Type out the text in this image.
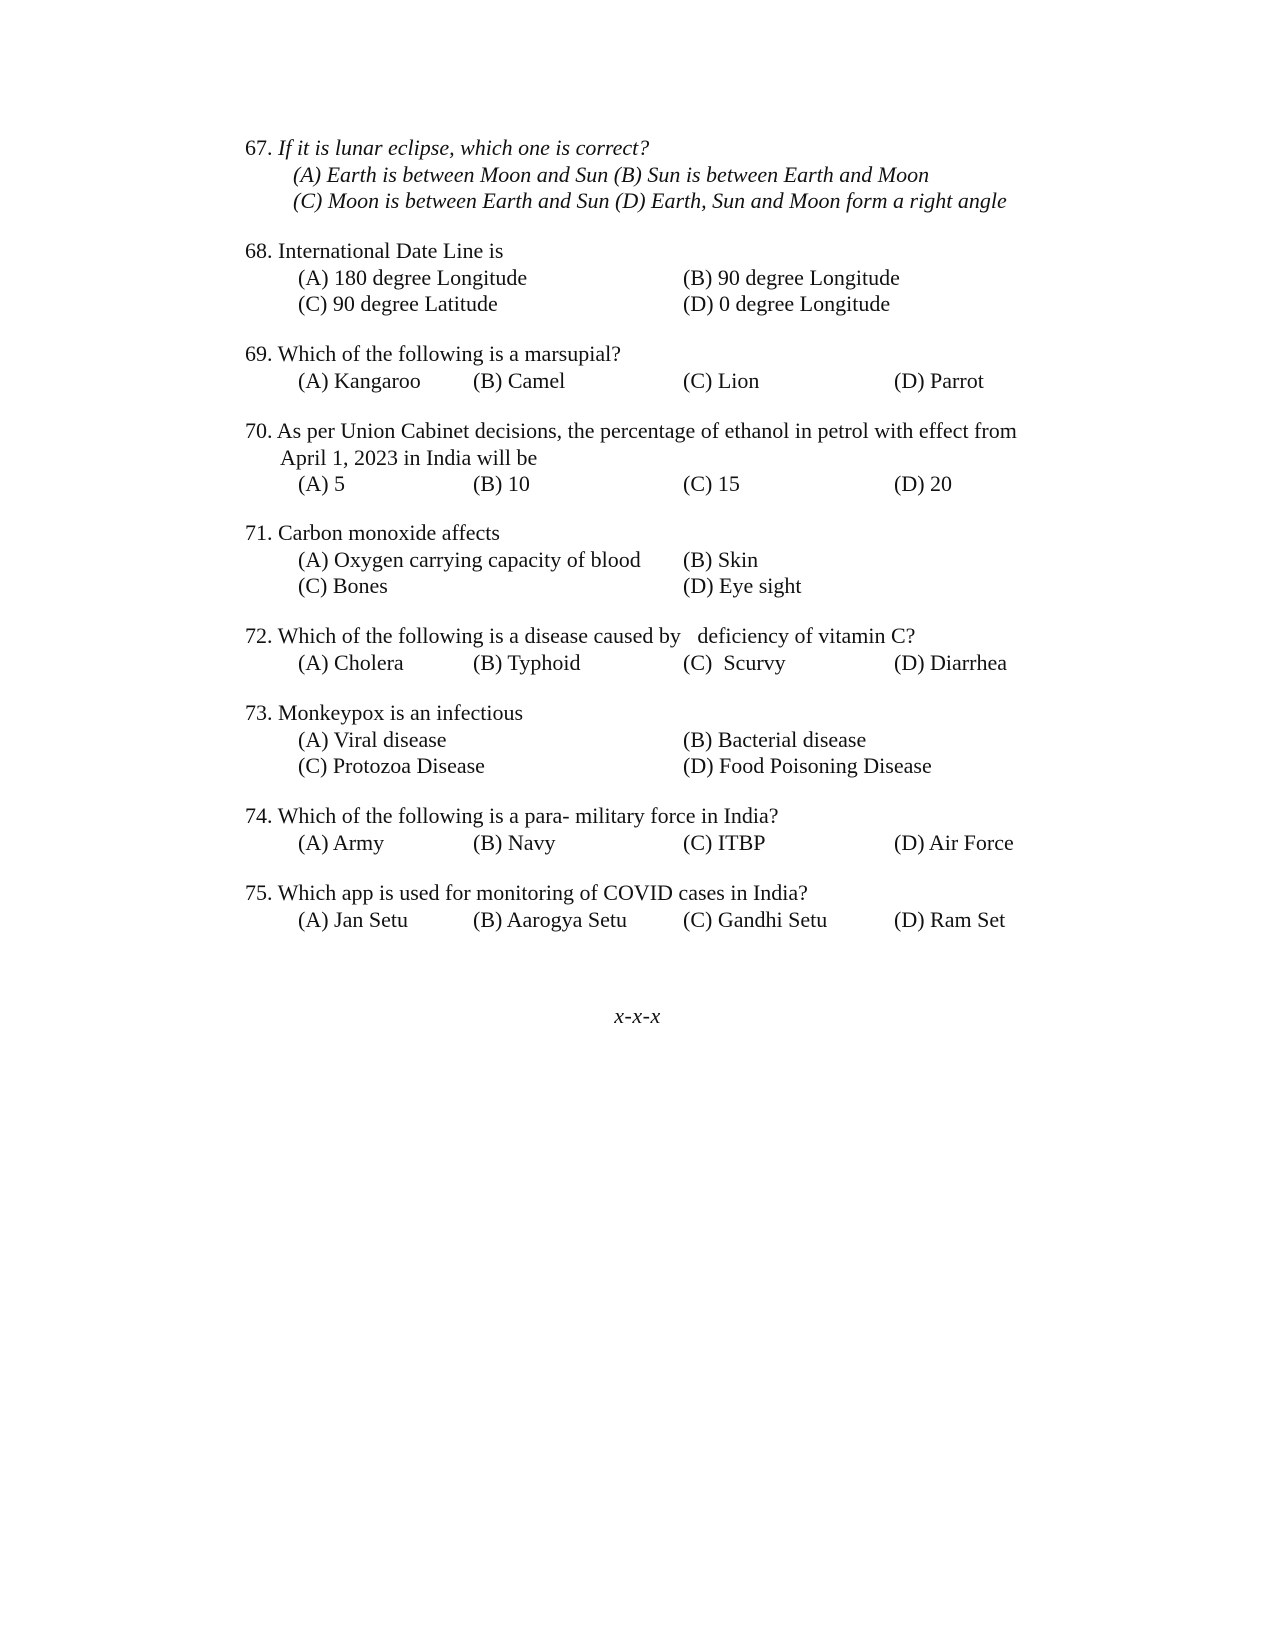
67. If it is lunar eclipse, which one is correct?
(A) Earth is between Moon and Sun (B) Sun is between Earth and Moon
(C) Moon is between Earth and Sun (D) Earth, Sun and Moon form a right angle
68. International Date Line is
(A) 180 degree Longitude	(B) 90 degree Longitude
(C) 90 degree Latitude	(D) 0 degree Longitude
69. Which of the following is a marsupial?
(A) Kangaroo (B) Camel	(C) Lion	(D) Parrot
70. As per Union Cabinet decisions, the percentage of ethanol in petrol with effect from
April 1, 2023 in India will be
(A) 5	(B) 10	(C) 15	(D) 20
71. Carbon monoxide affects
(A) Oxygen carrying capacity of blood (B) Skin
(C) Bones	(D) Eye sight
72. Which of the following is a disease caused by   deficiency of vitamin C?
(A) Cholera	(B) Typhoid	(C)  Scurvy	(D) Diarrhea
73. Monkeypox is an infectious
(A) Viral disease	(B) Bacterial disease
(C) Protozoa Disease	(D) Food Poisoning Disease
74. Which of the following is a para- military force in India?
(A) Army	(B) Navy	(C) ITBP	(D) Air Force
75. Which app is used for monitoring of COVID cases in India?
(A) Jan Setu	(B) Aarogya Setu	(C) Gandhi Setu	(D) Ram Set
x-x-x
